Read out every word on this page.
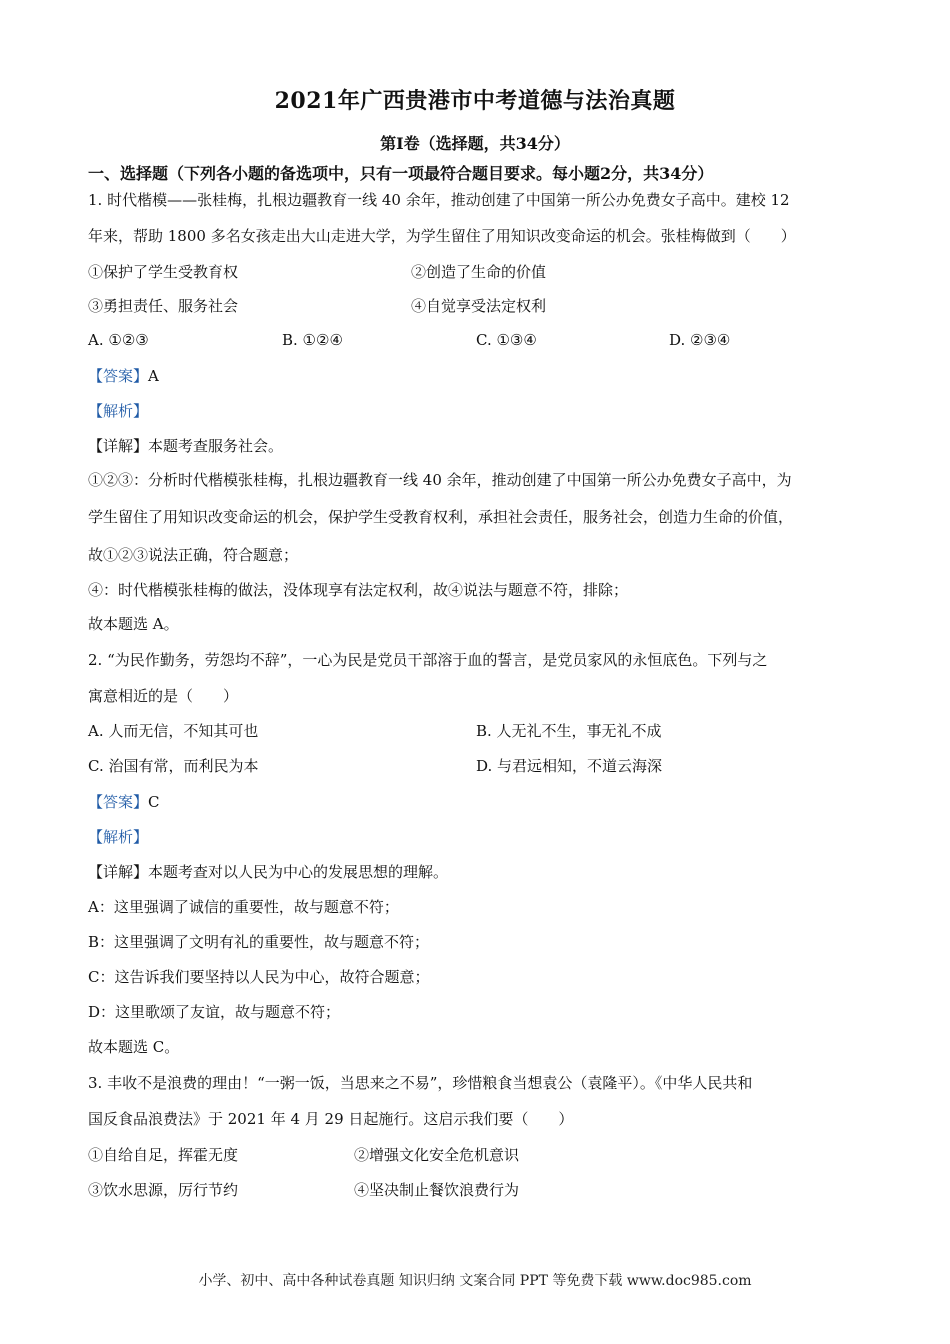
2021年广西贵港市中考道德与法治真题
第Ⅰ卷（选择题，共34分）
一、选择题（下列各小题的备选项中，只有一项最符合题目要求。每小题2分，共34分）
1. 时代楷模——张桂梅，扎根边疆教育一线 40 余年，推动创建了中国第一所公办免费女子高中。建校 12
年来，帮助 1800 多名女孩走出大山走进大学，为学生留住了用知识改变命运的机会。张桂梅做到（　　）
①保护了学生受教育权	②创造了生命的价值
③勇担责任、服务社会	④自觉享受法定权利
A. ①②③	B. ①②④	C. ①③④	D. ②③④
【答案】A
【解析】
【详解】本题考查服务社会。
①②③：分析时代楷模张桂梅，扎根边疆教育一线 40 余年，推动创建了中国第一所公办免费女子高中，为
学生留住了用知识改变命运的机会，保护学生受教育权利，承担社会责任，服务社会，创造力生命的价值，
故①②③说法正确，符合题意；
④：时代楷模张桂梅的做法，没体现享有法定权利，故④说法与题意不符，排除；
故本题选 A。
2. “为民作勤务，劳怨均不辞”，一心为民是党员干部溶于血的誓言，是党员家风的永恒底色。下列与之
寓意相近的是（　　）
A. 人而无信，不知其可也	B. 人无礼不生，事无礼不成
C. 治国有常，而利民为本	D. 与君远相知，不道云海深
【答案】C
【解析】
【详解】本题考查对以人民为中心的发展思想的理解。
A：这里强调了诚信的重要性，故与题意不符；
B：这里强调了文明有礼的重要性，故与题意不符；
C：这告诉我们要坚持以人民为中心，故符合题意；
D：这里歌颂了友谊，故与题意不符；
故本题选 C。
3. 丰收不是浪费的理由！“一粥一饭，当思来之不易”，珍惜粮食当想袁公（袁隆平）。《中华人民共和
国反食品浪费法》于 2021 年 4 月 29 日起施行。这启示我们要（　　）
①自给自足，挥霍无度	②增强文化安全危机意识
③饮水思源，厉行节约	④坚决制止餐饮浪费行为
小学、初中、高中各种试卷真题 知识归纳 文案合同 PPT 等免费下载 www.doc985.com
